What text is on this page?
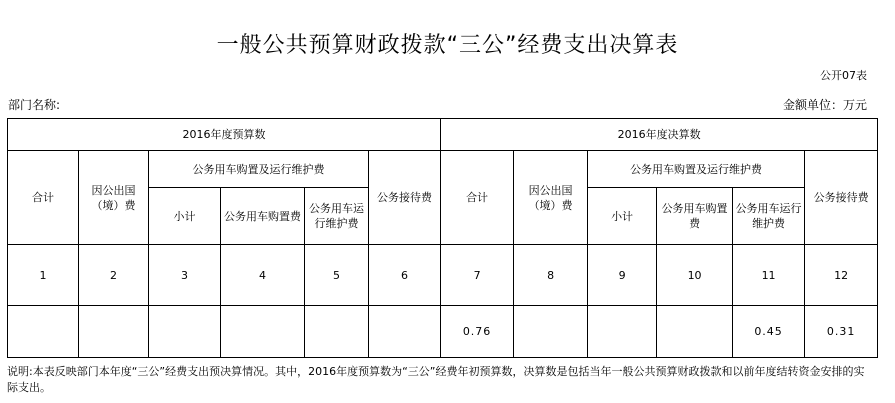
一般公共预算财政拨款“三公”经费支出决算表
公开07表
部门名称:	金额单位：万元
2016年度预算数						2016年度决算数					
合计	因公出国（境）费	公务用车购置及运行维护费			公务接待费	合计	因公出国（境）费	公务用车购置及运行维护费			公务接待费
		小计	公务用车购置费	公务用车运行维护费				小计	公务用车购置费	公务用车运行维护费	
1	2	3	4	5	6	7	8	9	10	11	12
						0.76				0.45	0.31
说明:本表反映部门本年度“三公”经费支出预决算情况。其中，2016年度预算数为“三公”经费年初预算数，决算数是包括当年一般公共预算财政拨款和以前年度结转资金安排的实际支出。
